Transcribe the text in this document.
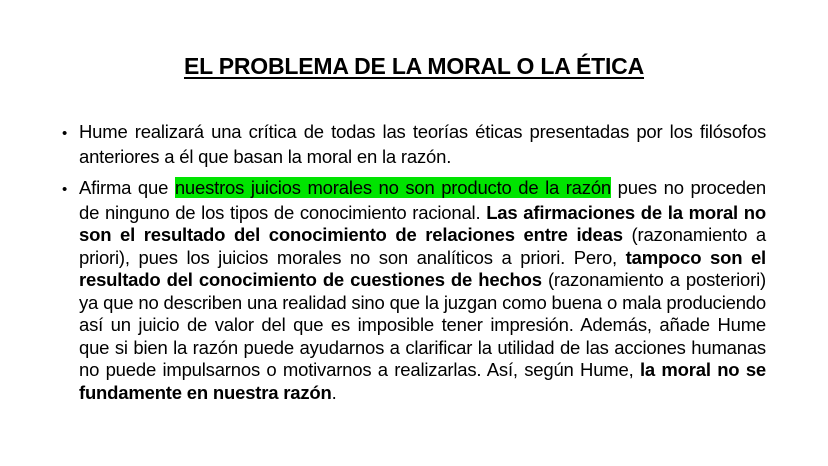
EL PROBLEMA DE LA MORAL O LA ÉTICA
• Hume realizará una crítica de todas las teorías éticas presentadas por los filósofos anteriores a él que basan la moral en la razón.
• Afirma que nuestros juicios morales no son producto de la razón pues no proceden de ninguno de los tipos de conocimiento racional. Las afirmaciones de la moral no son el resultado del conocimiento de relaciones entre ideas (razonamiento a priori), pues los juicios morales no son analíticos a priori. Pero, tampoco son el resultado del conocimiento de cuestiones de hechos (razonamiento a posteriori) ya que no describen una realidad sino que la juzgan como buena o mala produciendo así un juicio de valor del que es imposible tener impresión. Además, añade Hume que si bien la razón puede ayudarnos a clarificar la utilidad de las acciones humanas no puede impulsarnos o motivarnos a realizarlas. Así, según Hume, la moral no se fundamente en nuestra razón.
